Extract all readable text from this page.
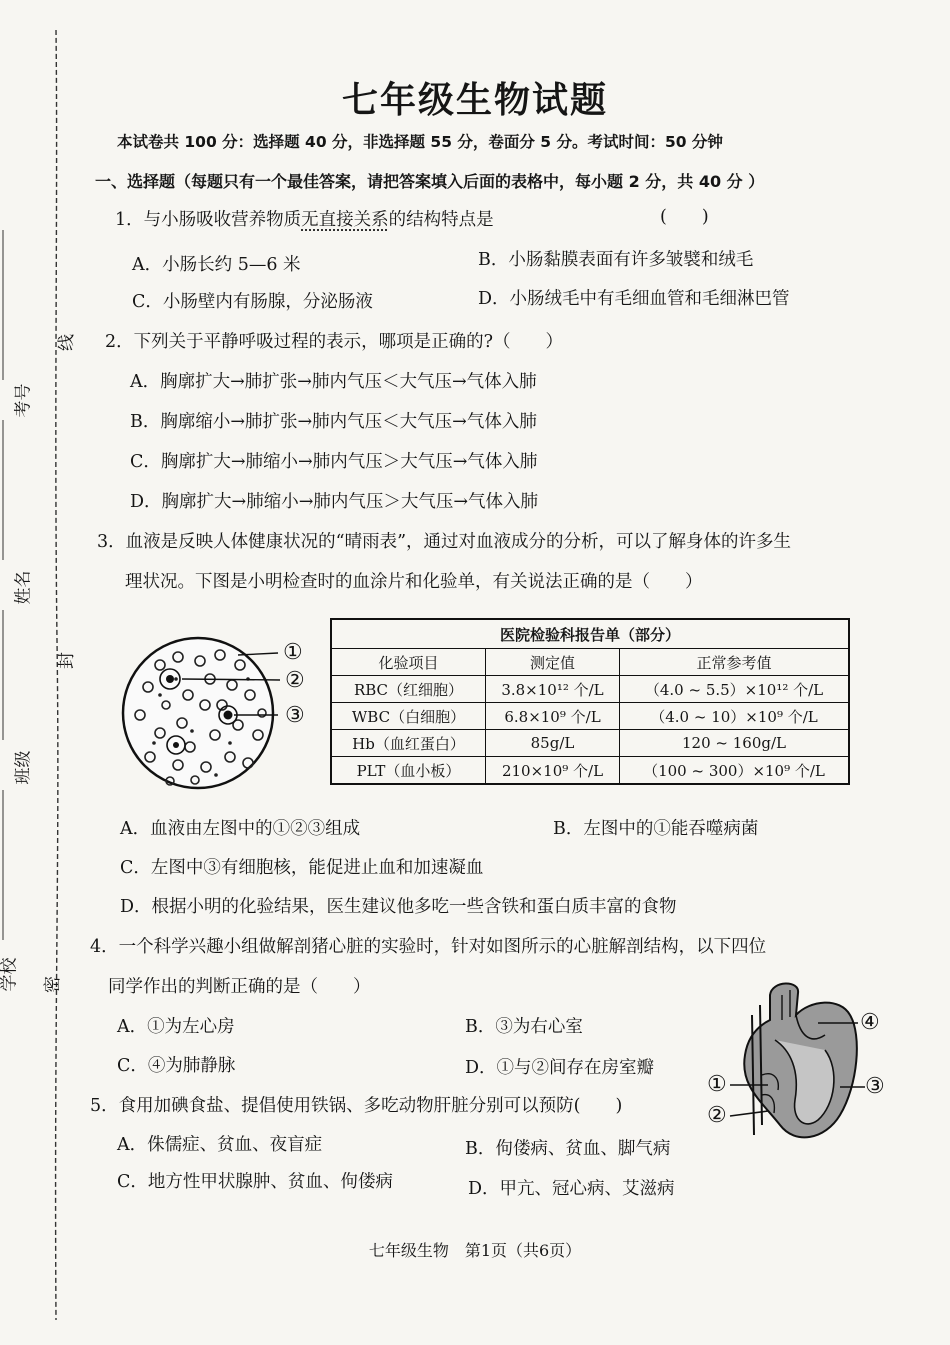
考号
线
姓名
封
班级
学校 密
七年级生物试题
本试卷共 100 分：选择题 40 分，非选择题 55 分，卷面分 5 分。考试时间：50 分钟
一、选择题（每题只有一个最佳答案，请把答案填入后面的表格中，每小题 2 分，共 40 分 ）
1．与小肠吸收营养物质无直接关系的结构特点是	(　　)
A．小肠长约 5—6 米	B．小肠黏膜表面有许多皱襞和绒毛
C．小肠壁内有肠腺，分泌肠液	D．小肠绒毛中有毛细血管和毛细淋巴管
2．下列关于平静呼吸过程的表示，哪项是正确的?（　　）
A．胸廓扩大→肺扩张→肺内气压＜大气压→气体入肺
B．胸廓缩小→肺扩张→肺内气压＜大气压→气体入肺
C．胸廓扩大→肺缩小→肺内气压＞大气压→气体入肺
D．胸廓扩大→肺缩小→肺内气压＞大气压→气体入肺
3．血液是反映人体健康状况的“晴雨表”，通过对血液成分的分析，可以了解身体的许多生
理状况。下图是小明检查时的血涂片和化验单，有关说法正确的是（　　）
①
②
③
医院检验科报告单（部分）		
化验项目	测定值	正常参考值
RBC（红细胞）	3.8×10¹² 个/L	（4.0 ~ 5.5）×10¹² 个/L
WBC（白细胞）	6.8×10⁹ 个/L	（4.0 ~ 10）×10⁹ 个/L
Hb（血红蛋白）	85g/L	120 ~ 160g/L
PLT（血小板）	210×10⁹ 个/L	（100 ~ 300）×10⁹ 个/L
A．血液由左图中的①②③组成	B．左图中的①能吞噬病菌
C．左图中③有细胞核，能促进止血和加速凝血
D．根据小明的化验结果，医生建议他多吃一些含铁和蛋白质丰富的食物
4．一个科学兴趣小组做解剖猪心脏的实验时，针对如图所示的心脏解剖结构，以下四位
同学作出的判断正确的是（　　）
A．①为左心房	B．③为右心室
C．④为肺静脉	D．①与②间存在房室瓣
④
③
①
②
5．食用加碘食盐、提倡使用铁锅、多吃动物肝脏分别可以预防(　　)
A．侏儒症、贫血、夜盲症	B．佝偻病、贫血、脚气病
C．地方性甲状腺肿、贫血、佝偻病	D．甲亢、冠心病、艾滋病
七年级生物　第1页（共6页）
